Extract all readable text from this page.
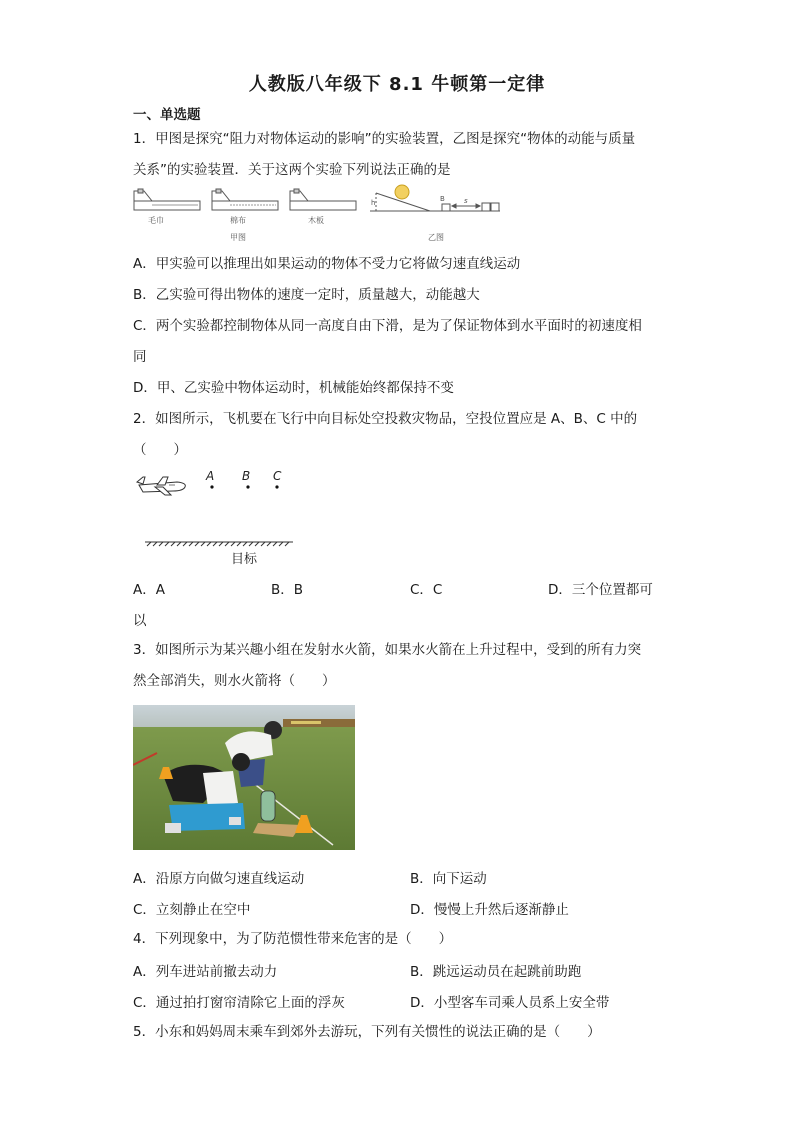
人教版八年级下 8.1 牛顿第一定律
一、单选题
1．甲图是探究“阻力对物体运动的影响”的实验装置，乙图是探究“物体的动能与质量
关系”的实验装置．关于这两个实验下列说法正确的是
毛巾	棉布	木板
甲图
h	B	s
乙图
A．甲实验可以推理出如果运动的物体不受力它将做匀速直线运动
B．乙实验可得出物体的速度一定时，质量越大，动能越大
C．两个实验都控制物体从同一高度自由下滑，是为了保证物体到水平面时的初速度相
同
D．甲、乙实验中物体运动时，机械能始终都保持不变
2．如图所示，飞机要在飞行中向目标处空投救灾物品，空投位置应是 A、B、C 中的
（　　）
A B C
目标
A．A	B．B	C．C	D．三个位置都可
以
3．如图所示为某兴趣小组在发射水火箭，如果水火箭在上升过程中，受到的所有力突
然全部消失，则水火箭将（　　）
A．沿原方向做匀速直线运动	B．向下运动
C．立刻静止在空中	D．慢慢上升然后逐渐静止
4．下列现象中，为了防范惯性带来危害的是（　　）
A．列车进站前撤去动力	B．跳远运动员在起跳前助跑
C．通过拍打窗帘清除它上面的浮灰	D．小型客车司乘人员系上安全带
5．小东和妈妈周末乘车到郊外去游玩，下列有关惯性的说法正确的是（　　）
